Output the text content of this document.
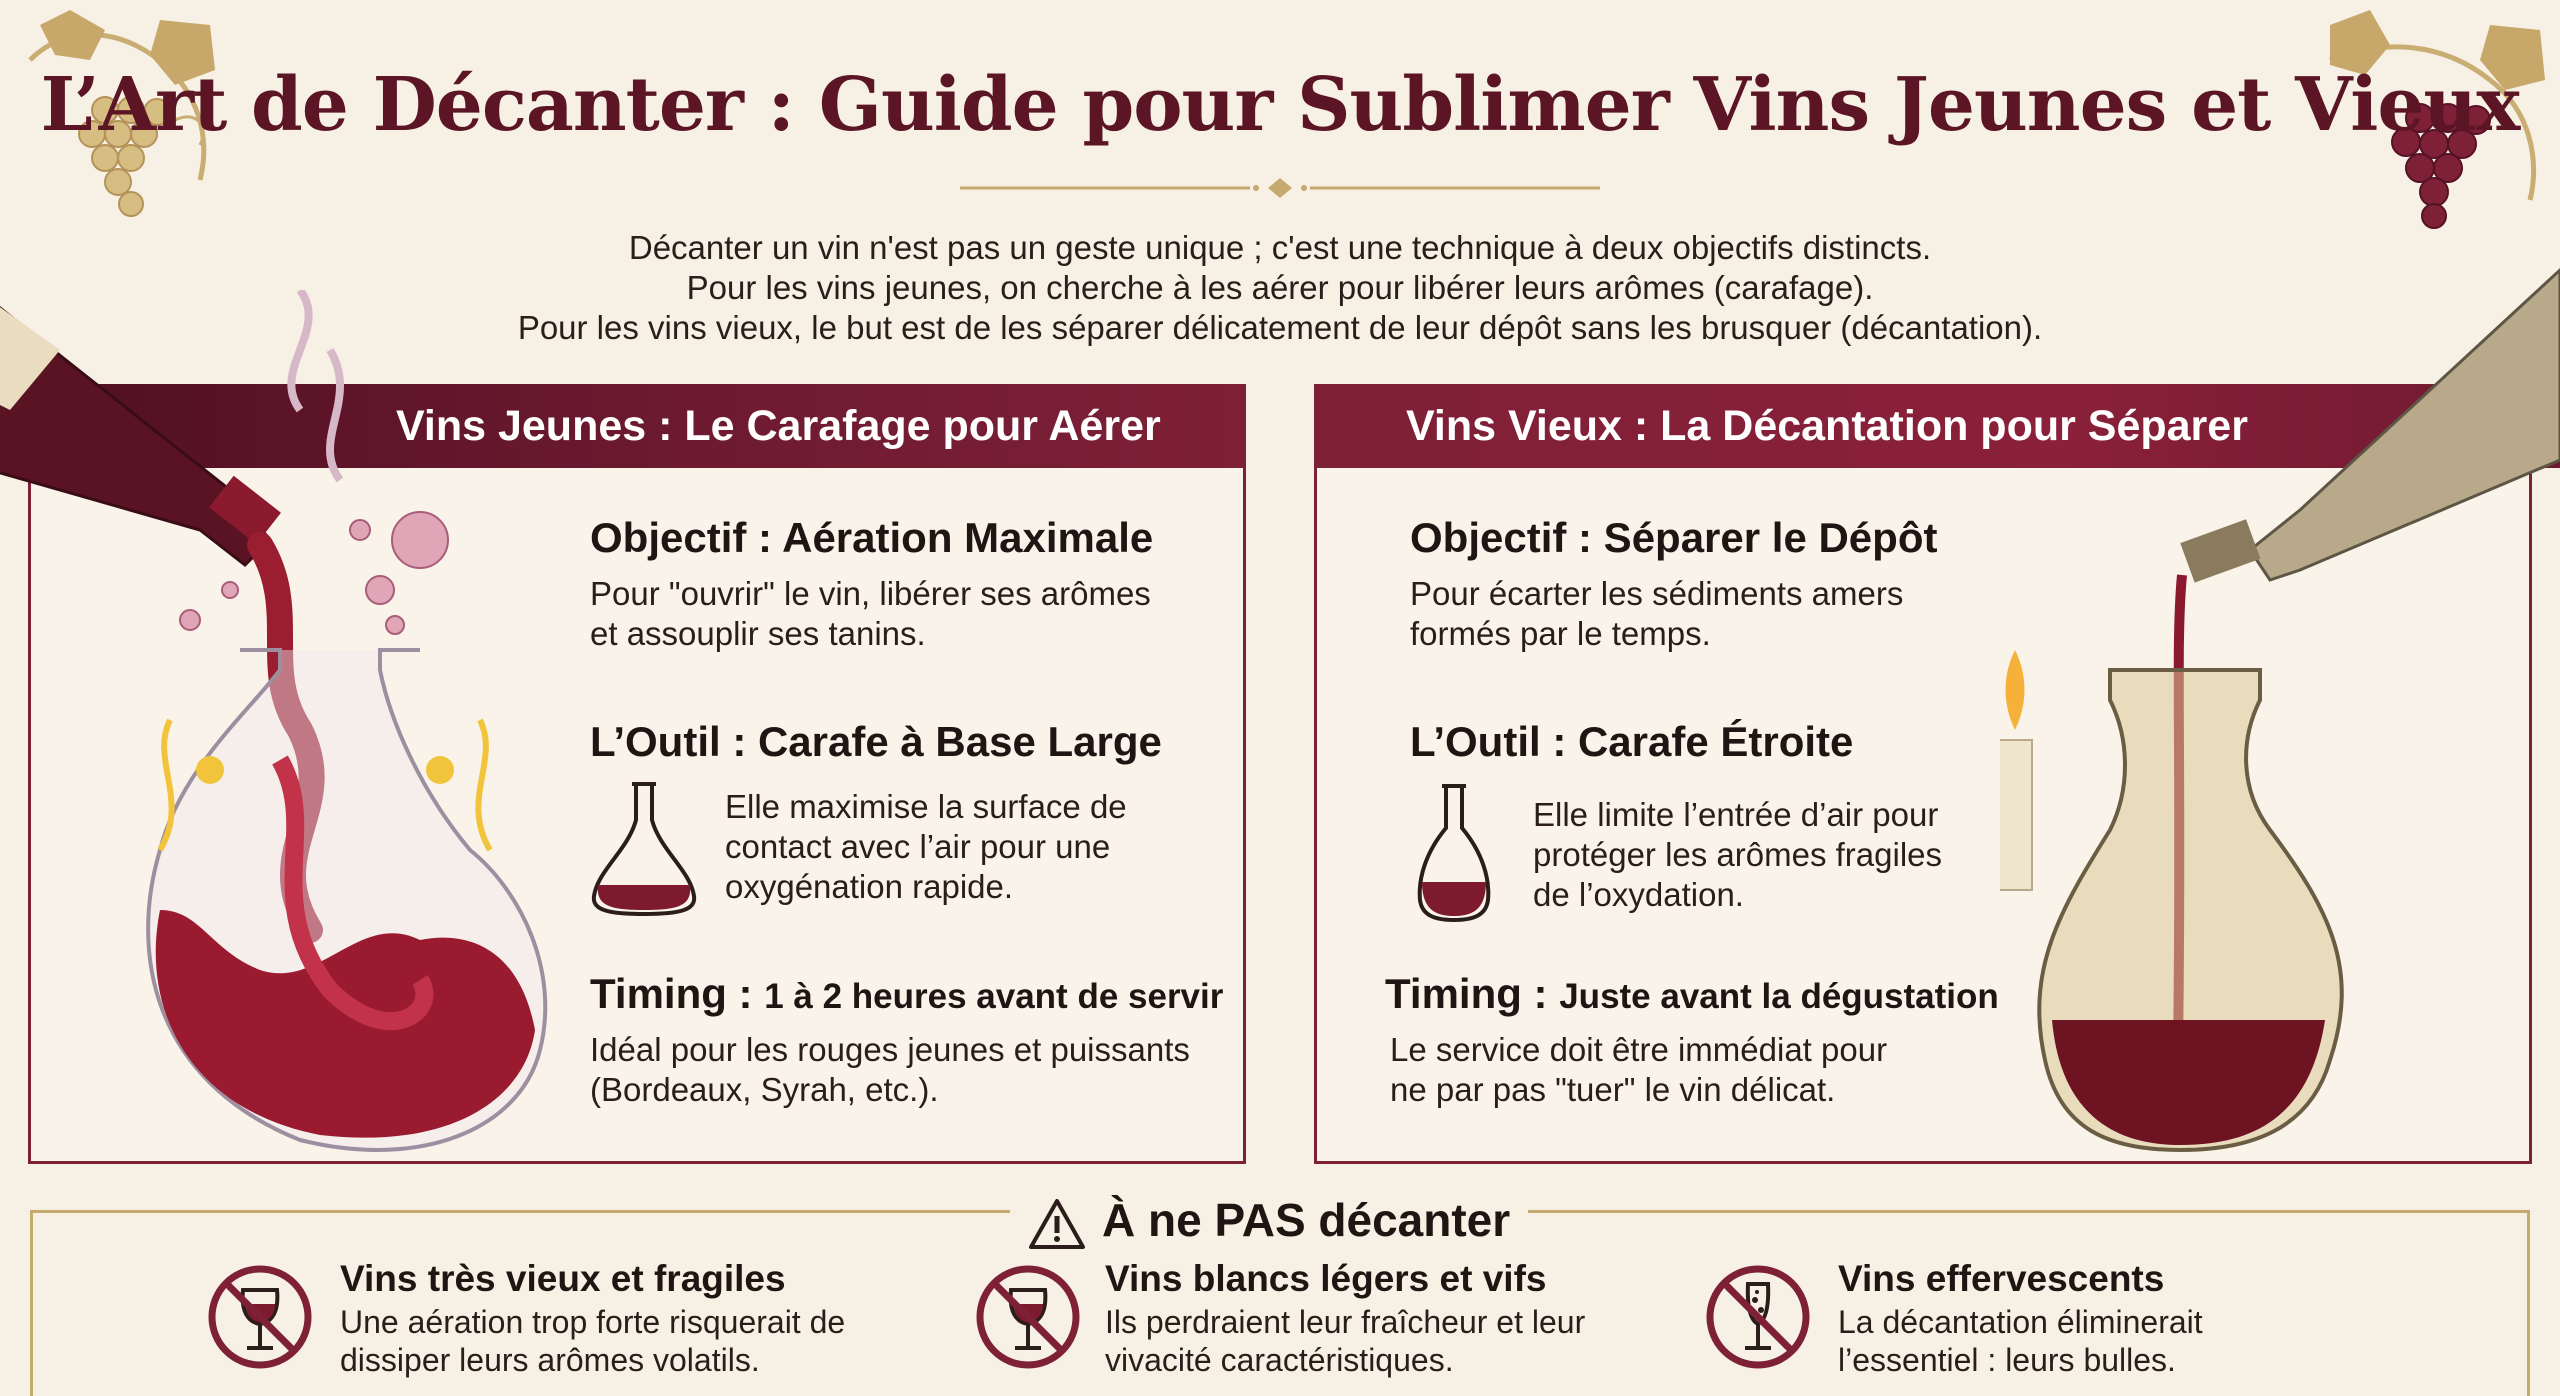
L’Art de Décanter : Guide pour Sublimer Vins Jeunes et Vieux
Décanter un vin n'est pas un geste unique ; c'est une technique à deux objectifs distincts.
Pour les vins jeunes, on cherche à les aérer pour libérer leurs arômes (carafage).
Pour les vins vieux, le but est de les séparer délicatement de leur dépôt sans les brusquer (décantation).
Vins Jeunes : Le Carafage pour Aérer	Vins Vieux : La Décantation pour Séparer
Objectif : Aération Maximale
Pour "ouvrir" le vin, libérer ses arômes
et assouplir ses tanins.
L’Outil : Carafe à Base Large
Elle maximise la surface de
contact avec l’air pour une
oxygénation rapide.
Timing : 1 à 2 heures avant de servir
Idéal pour les rouges jeunes et puissants
(Bordeaux, Syrah, etc.).
Objectif : Séparer le Dépôt
Pour écarter les sédiments amers
formés par le temps.
L’Outil : Carafe Étroite
Elle limite l’entrée d’air pour
protéger les arômes fragiles
de l’oxydation.
Timing : Juste avant la dégustation
Le service doit être immédiat pour
ne par pas "tuer" le vin délicat.
À ne PAS décanter
Vins très vieux et fragiles
Une aération trop forte risquerait de
dissiper leurs arômes volatils.
Vins blancs légers et vifs
Ils perdraient leur fraîcheur et leur
vivacité caractéristiques.
Vins effervescents
La décantation éliminerait
l’essentiel : leurs bulles.
